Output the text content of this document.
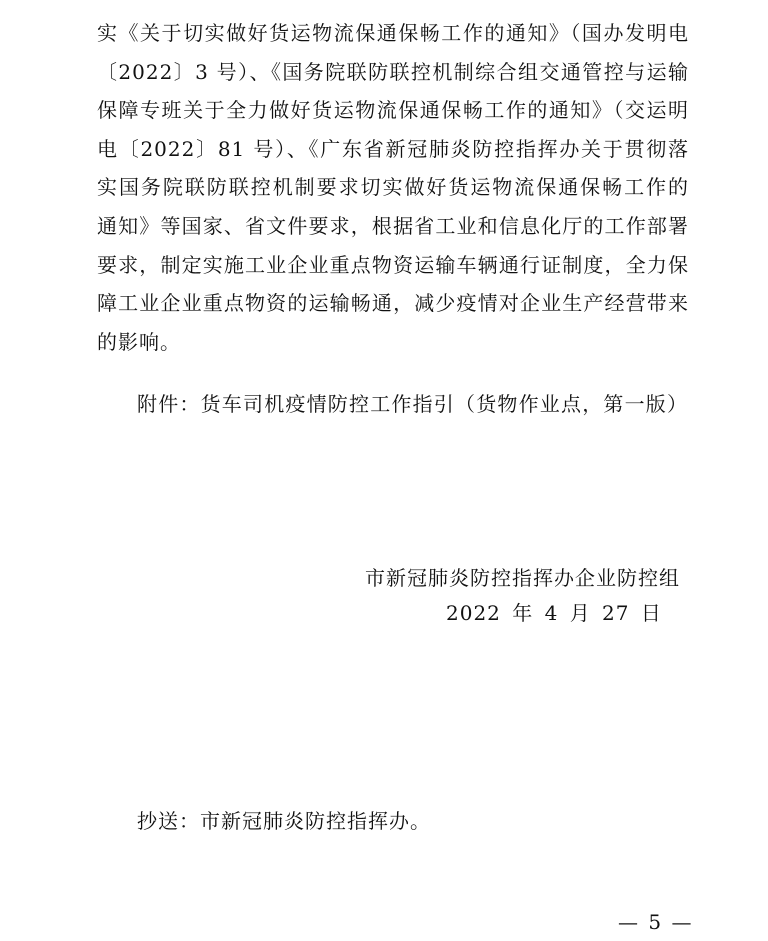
实《关于切实做好货运物流保通保畅工作的通知》（国办发明电
〔2022〕3 号）、《国务院联防联控机制综合组交通管控与运输
保障专班关于全力做好货运物流保通保畅工作的通知》（交运明
电〔2022〕81 号）、《广东省新冠肺炎防控指挥办关于贯彻落
实国务院联防联控机制要求切实做好货运物流保通保畅工作的
通知》等国家、省文件要求，根据省工业和信息化厅的工作部署
要求，制定实施工业企业重点物资运输车辆通行证制度，全力保
障工业企业重点物资的运输畅通，减少疫情对企业生产经营带来
的影响。
附件：货车司机疫情防控工作指引（货物作业点，第一版）
市新冠肺炎防控指挥办企业防控组
2022 年 4 月 27 日
抄送：市新冠肺炎防控指挥办。
— 5 —
